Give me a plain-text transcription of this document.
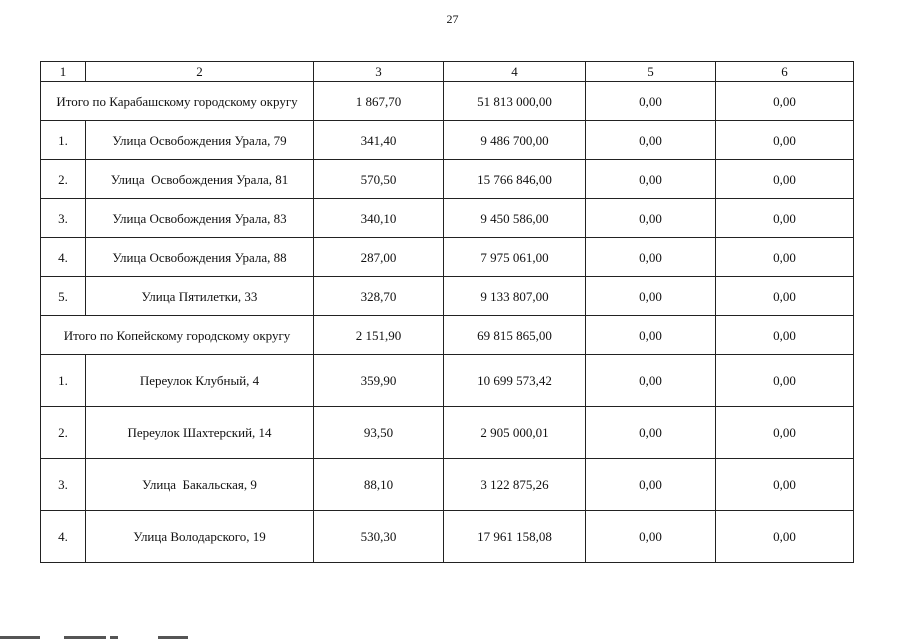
27
1	2	3	4	5	6
Итого по Карабашскому городскому округу		1 867,70	51 813 000,00	0,00	0,00
1.	Улица Освобождения Урала, 79	341,40	9 486 700,00	0,00	0,00
2.	Улица  Освобождения Урала, 81	570,50	15 766 846,00	0,00	0,00
3.	Улица Освобождения Урала, 83	340,10	9 450 586,00	0,00	0,00
4.	Улица Освобождения Урала, 88	287,00	7 975 061,00	0,00	0,00
5.	Улица Пятилетки, 33	328,70	9 133 807,00	0,00	0,00
Итого по Копейскому городскому округу		2 151,90	69 815 865,00	0,00	0,00
1.	Переулок Клубный, 4	359,90	10 699 573,42	0,00	0,00
2.	Переулок Шахтерский, 14	93,50	2 905 000,01	0,00	0,00
3.	Улица  Бакальская, 9	88,10	3 122 875,26	0,00	0,00
4.	Улица Володарского, 19	530,30	17 961 158,08	0,00	0,00
